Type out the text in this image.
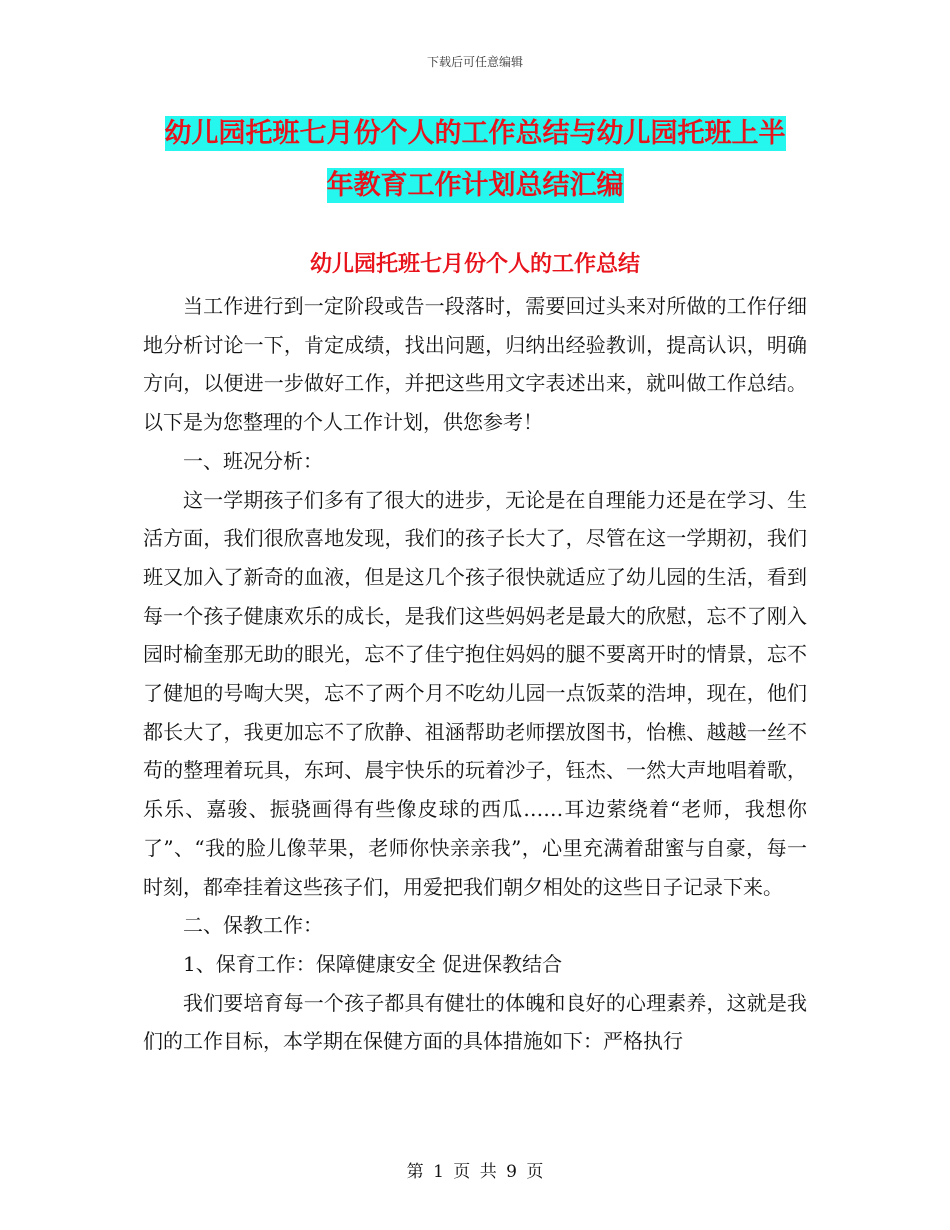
下载后可任意编辑
幼儿园托班七月份个人的工作总结与幼儿园托班上半
年教育工作计划总结汇编
幼儿园托班七月份个人的工作总结

当工作进行到一定阶段或告一段落时，需要回过头来对所做的工作仔细地分析讨论一下，肯定成绩，找出问题，归纳出经验教训，提高认识，明确方向，以便进一步做好工作，并把这些用文字表述出来，就叫做工作总结。以下是为您整理的个人工作计划，供您参考！

一、班况分析：

这一学期孩子们多有了很大的进步，无论是在自理能力还是在学习、生活方面，我们很欣喜地发现，我们的孩子长大了，尽管在这一学期初，我们班又加入了新奇的血液，但是这几个孩子很快就适应了幼儿园的生活，看到每一个孩子健康欢乐的成长，是我们这些妈妈老是最大的欣慰，忘不了刚入园时榆奎那无助的眼光，忘不了佳宁抱住妈妈的腿不要离开时的情景，忘不了健旭的号啕大哭，忘不了两个月不吃幼儿园一点饭菜的浩坤，现在，他们都长大了，我更加忘不了欣静、祖涵帮助老师摆放图书，怡樵、越越一丝不苟的整理着玩具，东珂、晨宇快乐的玩着沙子，钰杰、一然大声地唱着歌，乐乐、嘉骏、振骁画得有些像皮球的西瓜……耳边萦绕着“老师，我想你了”、“我的脸儿像苹果，老师你快亲亲我”，心里充满着甜蜜与自豪，每一时刻，都牵挂着这些孩子们，用爱把我们朝夕相处的这些日子记录下来。

二、保教工作：

1、保育工作：保障健康安全 促进保教结合

我们要培育每一个孩子都具有健壮的体魄和良好的心理素养，这就是我们的工作目标，本学期在保健方面的具体措施如下：严格执行

第 1 页 共 9 页
